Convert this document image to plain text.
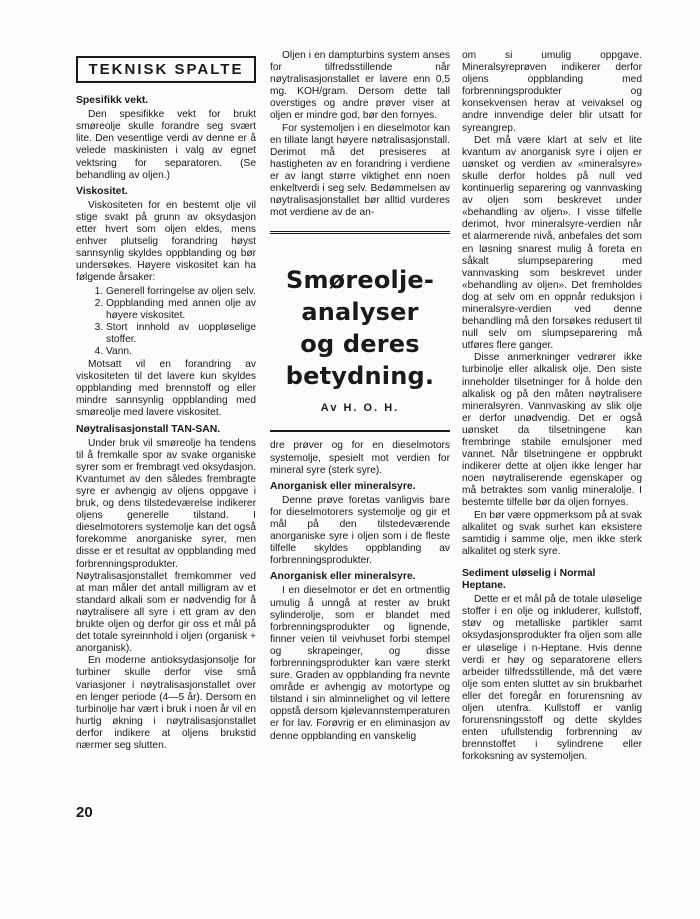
TEKNISK SPALTE
Spesifikk vekt.

Den spesifikke vekt for brukt smøreolje skulle forandre seg svært lite. Den vesentlige verdi av denne er å velede maskinisten i valg av egnet vektsring for separatoren. (Se behandling av oljen.)

Viskositet.

Viskositeten for en bestemt olje vil stige svakt på grunn av oksydasjon etter hvert som oljen eldes, mens enhver plutselig forandring høyst sannsynlig skyldes oppblanding og bør undersøkes. Høyere viskositet kan ha følgende årsaker:

1. Generell forringelse av oljen selv.
2. Oppblanding med annen olje av høyere viskositet.
3. Stort innhold av uoppløselige stoffer.
4. Vann.

Motsatt vil en forandring av viskositeten til det lavere kun skyldes oppblanding med brennstoff og eller mindre sannsynlig oppblanding med smøreolje med lavere viskositet.

Nøytralisasjonstall TAN-SAN.

Under bruk vil smøreolje ha tendens til å fremkalle spor av svake organiske syrer som er frembragt ved oksydasjon. Kvantumet av den således frembragte syre er avhengig av oljens oppgave i bruk, og dens tilstedeværelse indikerer oljens generelle tilstand. I dieselmotorers systemolje kan det også forekomme anorganiske syrer, men disse er et resultat av oppblanding med forbrenningsprodukter. Nøytralisasjonstallet fremkommer ved at man måler det antall milligram av et standard alkali som er nødvendig for å nøytralisere all syre i ett gram av den brukte oljen og derfor gir oss et mål på det totale syreinnhold i oljen (organisk + anorganisk).

En moderne antioksydasjonsolje for turbiner skulle derfor vise små variasjoner i nøytralisasjonstallet over en lenger periode (4—5 år). Dersom en turbinolje har vært i bruk i noen år vil en hurtig økning i nøytralisasjonstallet derfor indikere at oljens brukstid nærmer seg slutten.

Oljen i en dampturbins system anses for tilfredsstillende når nøytralisasjonstallet er lavere enn 0,5 mg. KOH/gram. Dersom dette tall overstiges og andre prøver viser at oljen er mindre god, bør den fornyes.

For systemoljen i en dieselmotor kan en tillate langt høyere nøtralisasjonstall. Derimot må det presiseres at hastigheten av en forandring i verdiene er av langt større viktighet enn noen enkeltverdi i seg selv. Bedømmelsen av nøytralisasjonstallet bør alltid vurderes mot verdiene av de an-

Smøreolje-
analyser
og deres
betydning.
Av H. O. H.

dre prøver og for en dieselmotors systemolje, spesielt mot verdien for mineral syre (sterk syre).

Anorganisk eller mineralsyre.

Denne prøve foretas vanligvis bare for dieselmotorers systemolje og gir et mål på den tilstedeværende anorganiske syre i oljen som i de fleste tilfelle skyldes oppblanding av forbrenningsprodukter.

Anorganisk eller mineralsyre.

I en dieselmotor er det en ortmentlig umulig å unngå at rester av brukt sylinderolje, som er blandet med forbrenningsprodukter og lignende, finner veien til veivhuset forbi stempel og skrapeinger, og disse forbrenningsprodukter kan være sterkt sure. Graden av oppblanding fra nevnte område er avhengig av motortype og tilstand i sin alminnelighet og vil lettere oppstå dersom kjølevannstemperaturen er for lav. Forøvrig er en eliminasjon av denne oppblanding en vanskelig

om si umulig oppgave. Mineralsyreprøven indikerer derfor oljens oppblanding med forbrenningsprodukter og konsekvensen herav at veivaksel og andre innvendige deler blir utsatt for syreangrep.

Det må være klart at selv et lite kvantum av anorganisk syre i oljen er uønsket og verdien av «mineralsyre» skulle derfor holdes på null ved kontinuerlig separering og vannvasking av oljen som beskrevet under «behandling av oljen». I visse tilfelle derimot, hvor mineralsyre-verdien når et alarmerende nivå, anbefales det som en løsning snarest mulig å foreta en såkalt slumpseparering med vannvasking som beskrevet under «behandling av oljen». Det fremholdes dog at selv om en oppnår reduksjon i mineralsyre-verdien ved denne behandling må den forsøkes redusert til null selv om slumpseparering må utføres flere ganger.

Disse anmerkninger vedrører ikke turbinolje eller alkalisk olje. Den siste inneholder tilsetninger for å holde den alkalisk og på den måten nøytralisere mineralsyren. Vannvasking av slik olje er derfor unødvendig. Det er også uønsket da tilsetningene kan frembringe stabile emulsjoner med vannet. Når tilsetningene er oppbrukt indikerer dette at oljen ikke lenger har noen nøytraliserende egenskaper og må betraktes som vanlig mineralolje. I bestemte tilfelle bør da oljen fornyes.

En bør være oppmerksom på at svak alkalitet og svak surhet kan eksistere samtidig i samme olje, men ikke sterk alkalitet og sterk syre.

Sediment uløselig i Normal Heptane.

Dette er et mål på de totale uløselige stoffer i en olje og inkluderer, kullstoff, støv og metalliske partikler samt oksydasjonsprodukter fra oljen som alle er uløselige i n-Heptane. Hvis denne verdi er høy og separatorene ellers arbeider tilfredsstillende, må det være olje som enten sluttet av sin brukbarhet eller det foregår en forurensning av oljen utenfra. Kullstoff er vanlig forurensningsstoff og dette skyldes enten ufullstendig forbrenning av brennstoffet i sylindrene eller forkoksning av systemoljen.

20
